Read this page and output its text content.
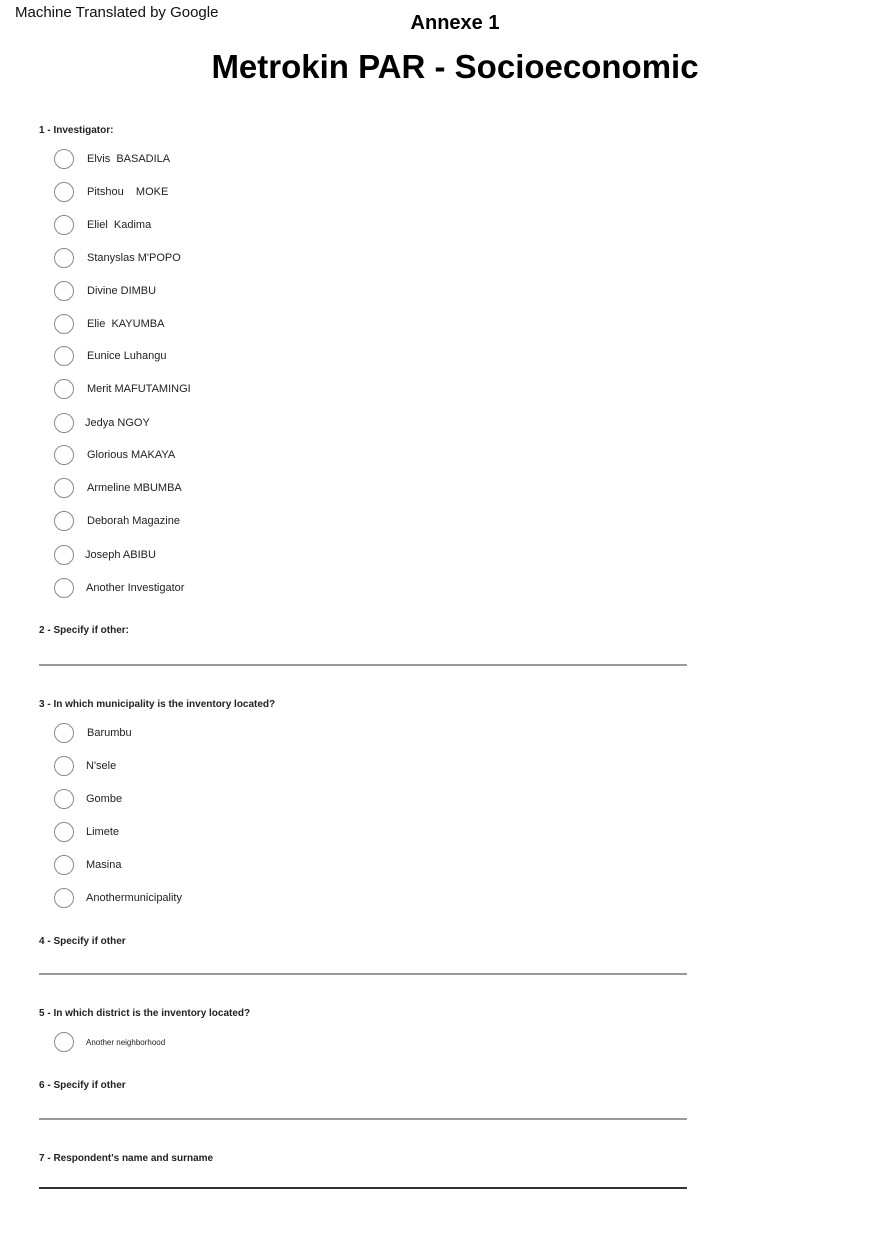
Machine Translated by Google	Annexe 1
Metrokin PAR - Socioeconomic
1 - Investigator:
Elvis  BASADILA
Pitshou    MOKE
Eliel  Kadima
Stanyslas M'POPO
Divine DIMBU
Elie  KAYUMBA
Eunice Luhangu
Merit MAFUTAMINGI
Jedya NGOY
Glorious MAKAYA
Armeline MBUMBA
Deborah Magazine
Joseph ABIBU
Another Investigator
2 - Specify if other:
3 - In which municipality is the inventory located?
Barumbu
N'sele
Gombe
Limete
Masina
Anothermunicipality
4 - Specify if other
5 - In which district is the inventory located?
Another neighborhood
6 - Specify if other
7 - Respondent's name and surname
